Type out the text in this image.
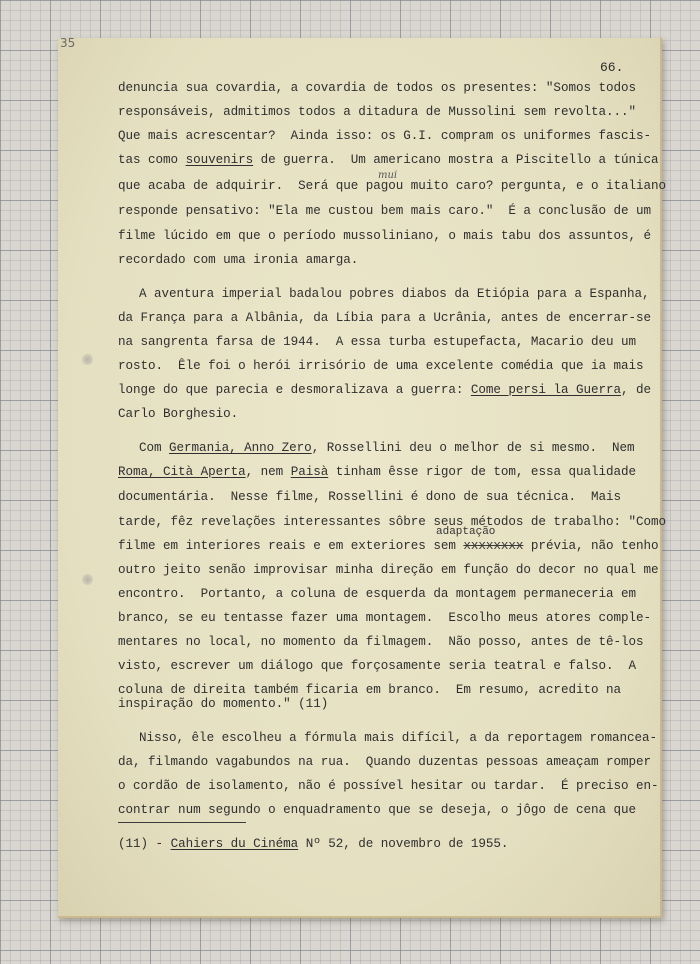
35
66.
mui
adaptação
denuncia sua covardia, a covardia de todos os presentes: "Somos todos
responsáveis, admitimos todos a ditadura de Mussolini sem revolta..."
Que mais acrescentar?  Ainda isso: os G.I. compram os uniformes fascis-
tas como souvenirs de guerra.  Um americano mostra a Piscitello a túnica
que acaba de adquirir.  Será que pagou muito caro? pergunta, e o italiano
responde pensativo: "Ela me custou bem mais caro."  É a conclusão de um
filme lúcido em que o período mussoliniano, o mais tabu dos assuntos, é
recordado com uma ironia amarga.
A aventura imperial badalou pobres diabos da Etiópia para a Espanha,
da França para a Albânia, da Líbia para a Ucrânia, antes de encerrar-se
na sangrenta farsa de 1944.  A essa turba estupefacta, Macario deu um
rosto.  Êle foi o herói irrisório de uma excelente comédia que ia mais
longe do que parecia e desmoralizava a guerra: Come persi la Guerra, de
Carlo Borghesio.
Com Germania, Anno Zero, Rossellini deu o melhor de si mesmo.  Nem
Roma, Cità Aperta, nem Paisà tinham êsse rigor de tom, essa qualidade
documentária.  Nesse filme, Rossellini é dono de sua técnica.  Mais
tarde, fêz revelações interessantes sôbre seus métodos de trabalho: "Como
filme em interiores reais e em exteriores sem xxxxxxxx prévia, não tenho
outro jeito senão improvisar minha direção em função do decor no qual me
encontro.  Portanto, a coluna de esquerda da montagem permaneceria em
branco, se eu tentasse fazer uma montagem.  Escolho meus atores comple-
mentares no local, no momento da filmagem.  Não posso, antes de tê-los
visto, escrever um diálogo que forçosamente seria teatral e falso.  A
coluna de direita também ficaria em branco.  Em resumo, acredito na
inspiração do momento." (11)
Nisso, êle escolheu a fórmula mais difícil, a da reportagem romancea-
da, filmando vagabundos na rua.  Quando duzentas pessoas ameaçam romper
o cordão de isolamento, não é possível hesitar ou tardar.  É preciso en-
contrar num segundo o enquadramento que se deseja, o jôgo de cena que
(11) - Cahiers du Cinéma Nº 52, de novembro de 1955.
